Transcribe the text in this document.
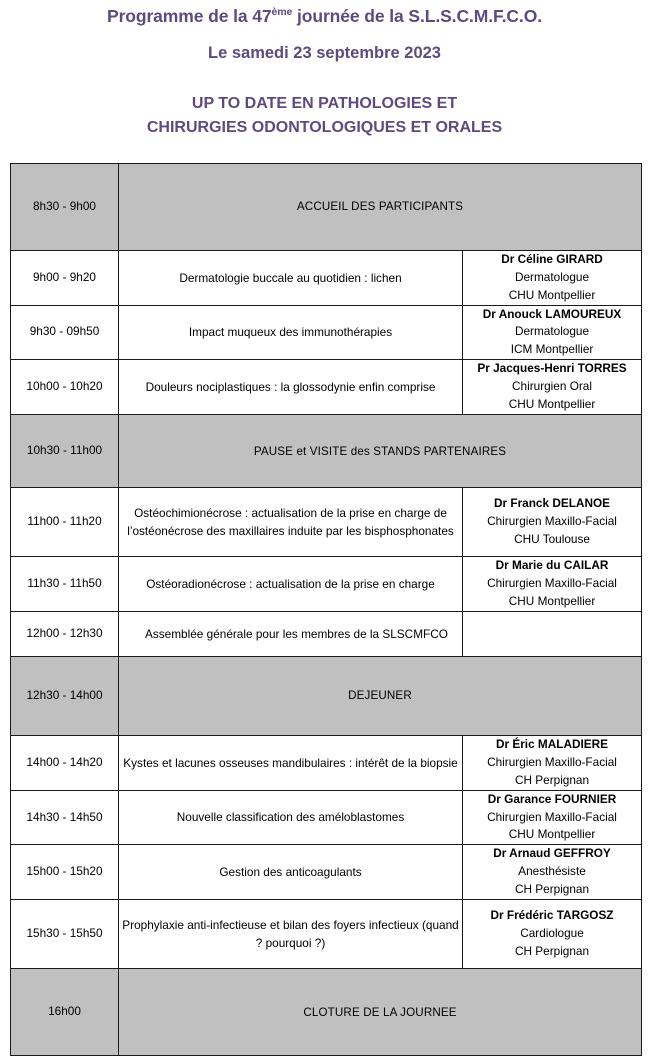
Programme de la 47ème journée de la S.L.S.C.M.F.C.O.
Le samedi 23 septembre 2023
UP TO DATE EN PATHOLOGIES ET
CHIRURGIES ODONTOLOGIQUES ET ORALES
8h30 - 9h00	ACCUEIL DES PARTICIPANTS	
9h00 - 9h20	Dermatologie buccale au quotidien : lichen	Dr Céline GIRARD
Dermatologue
CHU Montpellier

9h30 - 09h50	Impact muqueux des immunothérapies	Dr Anouck LAMOUREUX
Dermatologue
ICM Montpellier

10h00 - 10h20	Douleurs nociplastiques : la glossodynie enfin comprise	Pr Jacques-Henri TORRES
Chirurgien Oral
CHU Montpellier

10h30 - 11h00	PAUSE et VISITE des STANDS PARTENAIRES	
11h00 - 11h20	Ostéochimionécrose : actualisation de la prise en charge de l’ostéonécrose des maxillaires induite par les bisphosphonates	Dr Franck DELANOE
Chirurgien Maxillo-Facial
CHU Toulouse

11h30 - 11h50	Ostéoradionécrose : actualisation de la prise en charge	Dr Marie du CAILAR
Chirurgien Maxillo-Facial
CHU Montpellier

12h00 - 12h30	Assemblée générale pour les membres de la SLSCMFCO	

12h30 - 14h00	DEJEUNER	
14h00 - 14h20	Kystes et lacunes osseuses mandibulaires : intérêt de la biopsie	Dr Éric MALADIERE
Chirurgien Maxillo-Facial
CH Perpignan

14h30 - 14h50	Nouvelle classification des améloblastomes	Dr Garance FOURNIER
Chirurgien Maxillo-Facial
CHU Montpellier

15h00 - 15h20	Gestion des anticoagulants	Dr Arnaud GEFFROY
Anesthésiste
CH Perpignan

15h30 - 15h50	Prophylaxie anti-infectieuse et bilan des foyers infectieux (quand ? pourquoi ?)	Dr Frédéric TARGOSZ
Cardiologue
CH Perpignan

16h00	CLOTURE DE LA JOURNEE	
